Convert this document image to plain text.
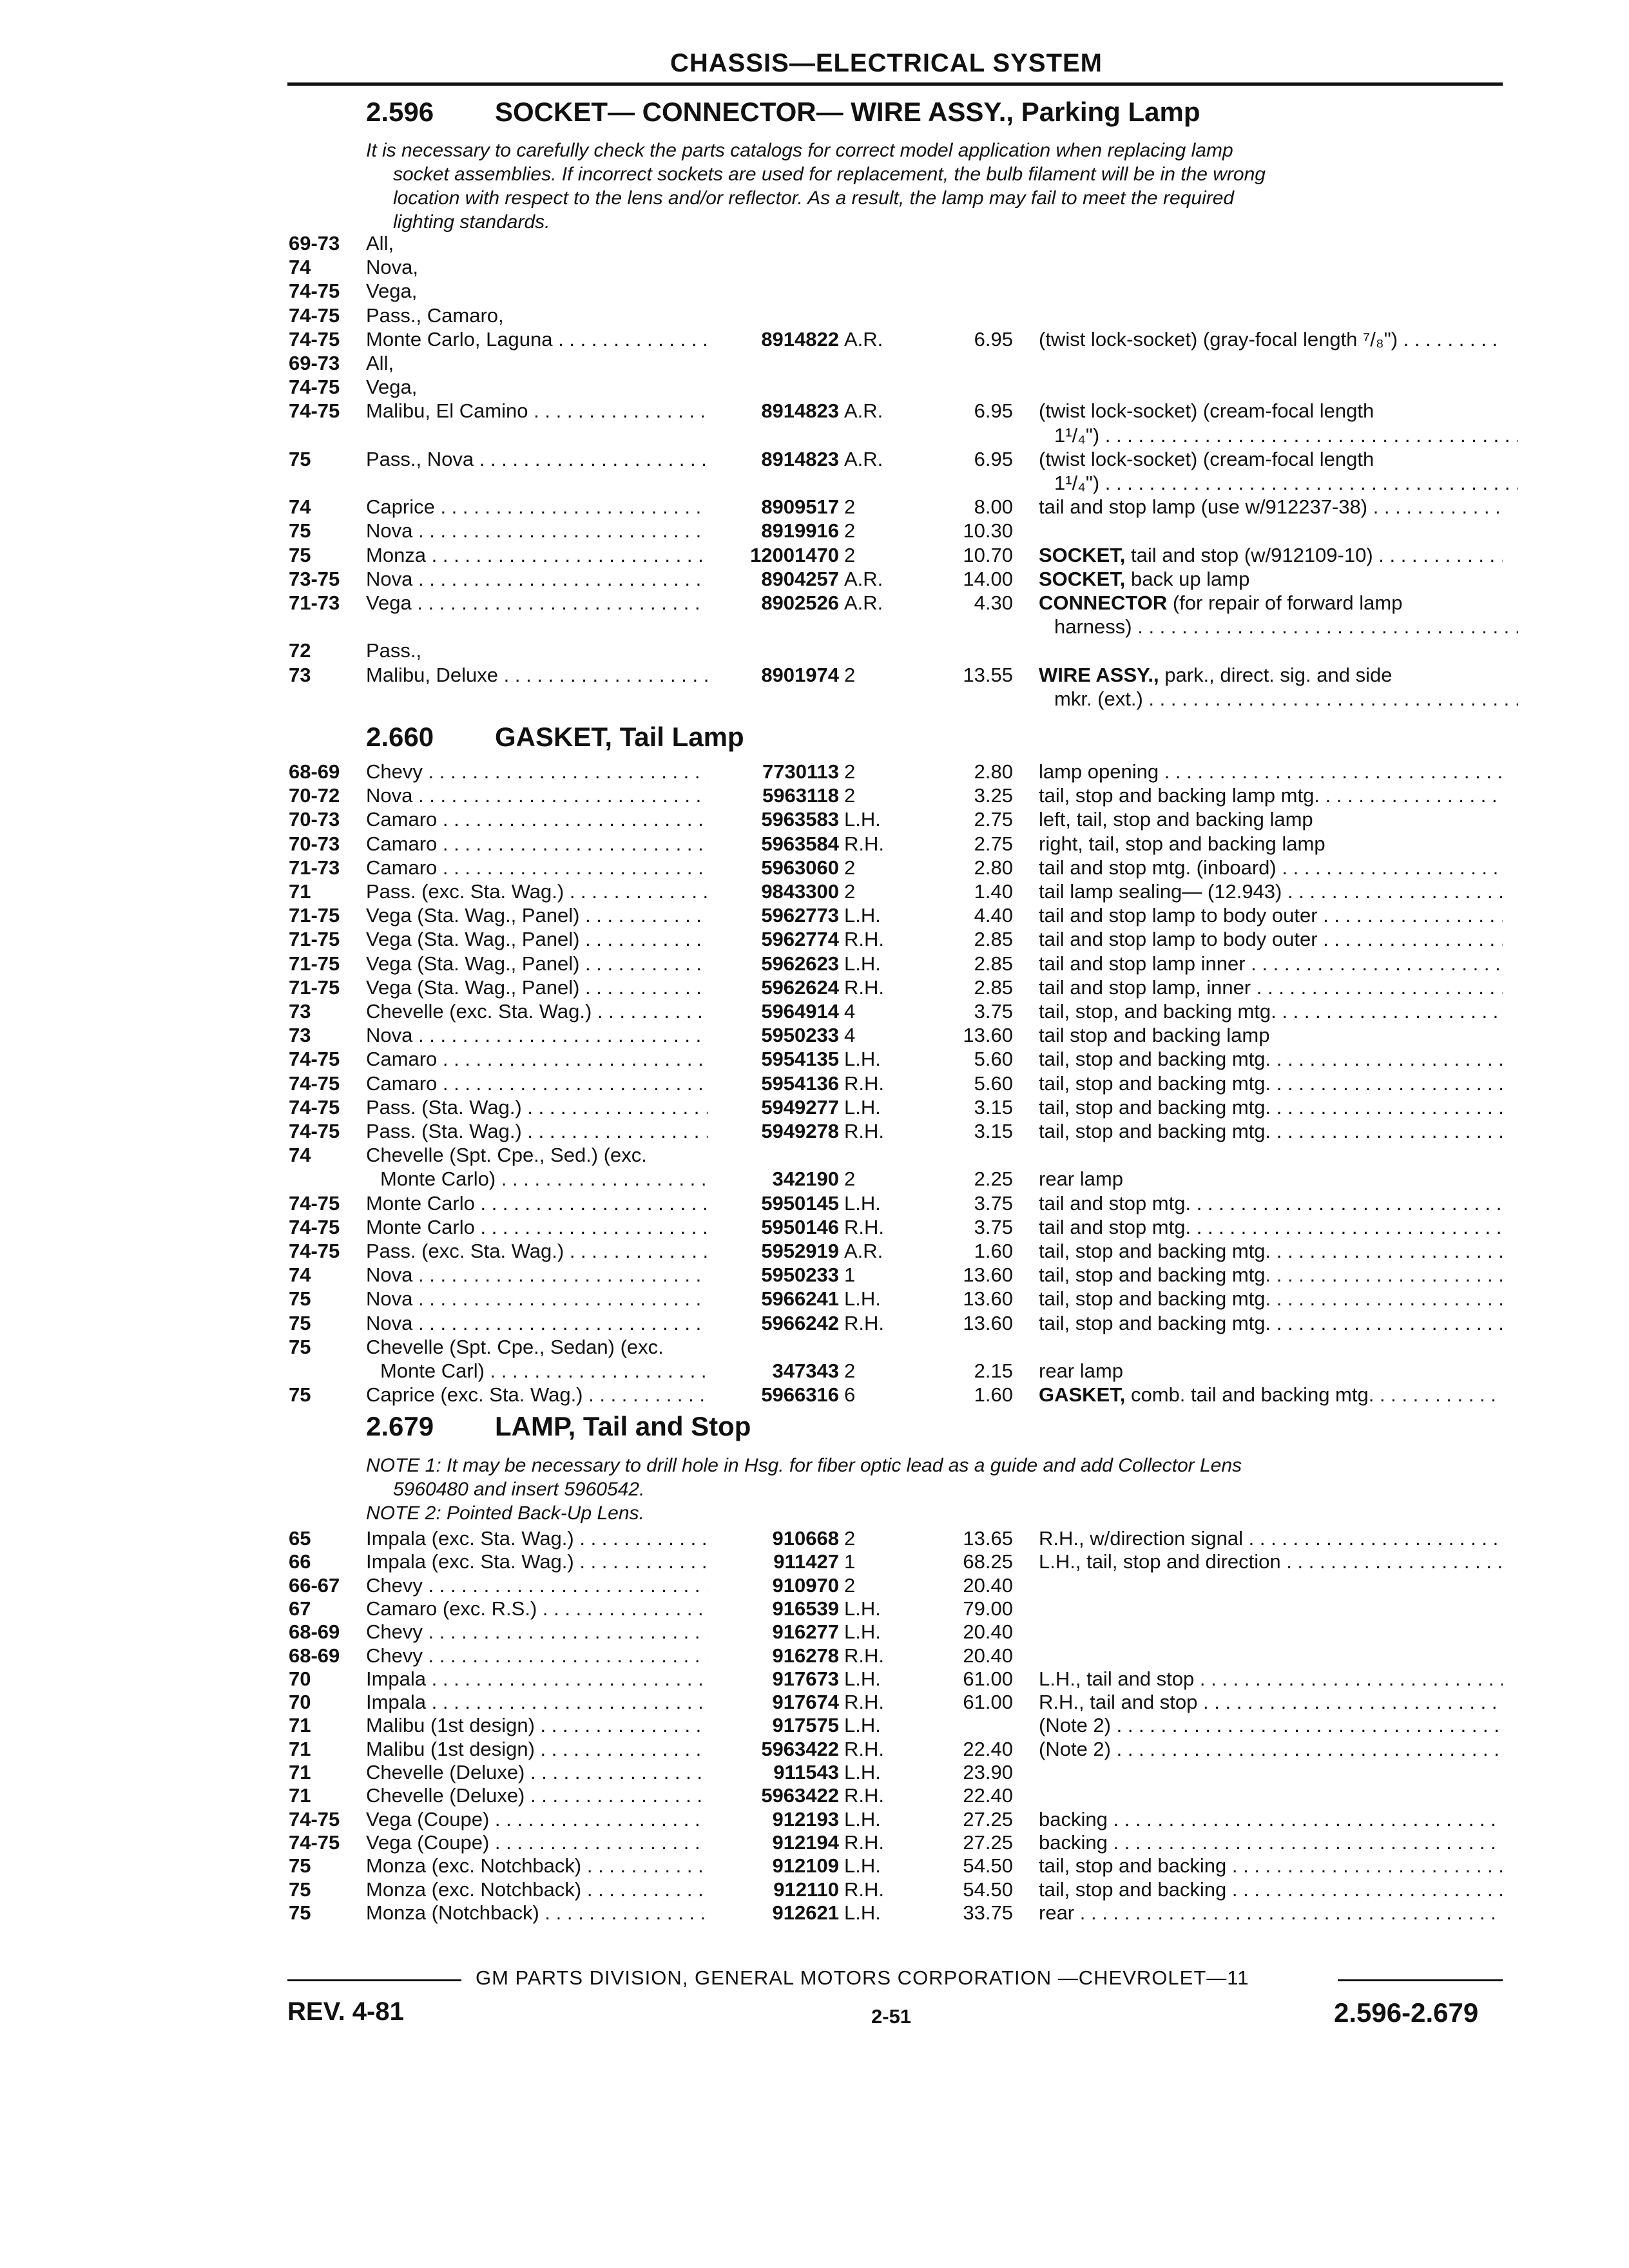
CHASSIS—ELECTRICAL SYSTEM
2.596 SOCKET— CONNECTOR— WIRE ASSY., Parking Lamp
It is necessary to carefully check the parts catalogs for correct model application when replacing lamp
socket assemblies. If incorrect sockets are used for replacement, the bulb filament will be in the wrong
location with respect to the lens and/or reflector. As a result, the lamp may fail to meet the required
lighting standards.
69-73 All,
74	Nova,
74-75 Vega,
74-75 Pass., Camaro,
74-75 Monte Carlo, Laguna . . .	8914822 A.R.	6.95 (twist lock-socket) (gray-focal length ⁷/₈") . . .
69-73 All,
74-75 Vega,
74-75 Malibu, El Camino . . .	8914823 A.R.	6.95 (twist lock-socket) (cream-focal length
1¹/₄") . . .
75	Pass., Nova . . .	8914823 A.R.	6.95 (twist lock-socket) (cream-focal length
1¹/₄") . . .
74	Caprice . . .	8909517 2	8.00 tail and stop lamp (use w/912237-38) . . .
75	Nova . . .	8919916 2	10.30
75	Monza . . .	12001470 2	10.70 SOCKET, tail and stop (w/912109-10) . . .
73-75 Nova . . .	8904257 A.R.	14.00 SOCKET, back up lamp
71-73 Vega . . .	8902526 A.R.	4.30 CONNECTOR (for repair of forward lamp
harness) . . .
72	Pass.,
73	Malibu, Deluxe . . .	8901974 2	13.55 WIRE ASSY., park., direct. sig. and side
mkr. (ext.) . . .
2.660 GASKET, Tail Lamp
68-69 Chevy . . .	7730113 2	2.80 lamp opening . . .
70-72 Nova . . .	5963118 2	3.25 tail, stop and backing lamp mtg. . . .
70-73 Camaro . . .	5963583 L.H.	2.75 left, tail, stop and backing lamp
70-73 Camaro . . .	5963584 R.H.	2.75 right, tail, stop and backing lamp
71-73 Camaro . . .	5963060 2	2.80 tail and stop mtg. (inboard) . . .
71	Pass. (exc. Sta. Wag.) . . .	9843300 2	1.40 tail lamp sealing— (12.943) . . .
71-75 Vega (Sta. Wag., Panel) . . .	5962773 L.H.	4.40 tail and stop lamp to body outer . . .
71-75 Vega (Sta. Wag., Panel) . . .	5962774 R.H.	2.85 tail and stop lamp to body outer . . .
71-75 Vega (Sta. Wag., Panel) . . .	5962623 L.H.	2.85 tail and stop lamp inner . . .
71-75 Vega (Sta. Wag., Panel) . . .	5962624 R.H.	2.85 tail and stop lamp, inner . . .
73	Chevelle (exc. Sta. Wag.) . . .	5964914 4	3.75 tail, stop, and backing mtg. . . .
73	Nova . . .	5950233 4	13.60 tail stop and backing lamp
74-75 Camaro . . .	5954135 L.H.	5.60 tail, stop and backing mtg. . . .
74-75 Camaro . . .	5954136 R.H.	5.60 tail, stop and backing mtg. . . .
74-75 Pass. (Sta. Wag.) . . .	5949277 L.H.	3.15 tail, stop and backing mtg. . . .
74-75 Pass. (Sta. Wag.) . . .	5949278 R.H.	3.15 tail, stop and backing mtg. . . .
74	Chevelle (Spt. Cpe., Sed.) (exc.
Monte Carlo) . . .	342190 2	2.25 rear lamp
74-75 Monte Carlo . . .	5950145 L.H.	3.75 tail and stop mtg. . . .
74-75 Monte Carlo . . .	5950146 R.H.	3.75 tail and stop mtg. . . .
74-75 Pass. (exc. Sta. Wag.) . . .	5952919 A.R.	1.60 tail, stop and backing mtg. . . .
74	Nova . . .	5950233 1	13.60 tail, stop and backing mtg. . . .
75	Nova . . .	5966241 L.H.	13.60 tail, stop and backing mtg. . . .
75	Nova . . .	5966242 R.H.	13.60 tail, stop and backing mtg. . . .
75	Chevelle (Spt. Cpe., Sedan) (exc.
Monte Carl) . . .	347343 2	2.15 rear lamp
75	Caprice (exc. Sta. Wag.) . . .	5966316 6	1.60 GASKET, comb. tail and backing mtg. . . .
2.679 LAMP, Tail and Stop
NOTE 1: It may be necessary to drill hole in Hsg. for fiber optic lead as a guide and add Collector Lens
5960480 and insert 5960542.
NOTE 2: Pointed Back-Up Lens.
65	Impala (exc. Sta. Wag.) . . .	910668 2	13.65 R.H., w/direction signal . . .
66	Impala (exc. Sta. Wag.) . . .	911427 1	68.25 L.H., tail, stop and direction . . .
66-67 Chevy . . .	910970 2	20.40
67	Camaro (exc. R.S.) . . .	916539 L.H.	79.00
68-69 Chevy . . .	916277 L.H.	20.40
68-69 Chevy . . .	916278 R.H.	20.40
70	Impala . . .	917673 L.H.	61.00 L.H., tail and stop . . .
70	Impala . . .	917674 R.H.	61.00 R.H., tail and stop . . .
71	Malibu (1st design) . . .	917575 L.H.	(Note 2) . . .
71	Malibu (1st design) . . .	5963422 R.H.	22.40 (Note 2) . . .
71	Chevelle (Deluxe) . . .	911543 L.H.	23.90
71	Chevelle (Deluxe) . . .	5963422 R.H.	22.40
74-75 Vega (Coupe) . . .	912193 L.H.	27.25 backing . . .
74-75 Vega (Coupe) . . .	912194 R.H.	27.25 backing . . .
75	Monza (exc. Notchback) . . .	912109 L.H.	54.50 tail, stop and backing . . .
75	Monza (exc. Notchback) . . .	912110 R.H.	54.50 tail, stop and backing . . .
75	Monza (Notchback) . . .	912621 L.H.	33.75 rear . . .
GM PARTS DIVISION, GENERAL MOTORS CORPORATION —CHEVROLET—11
REV. 4-81	2-51	2.596-2.679
